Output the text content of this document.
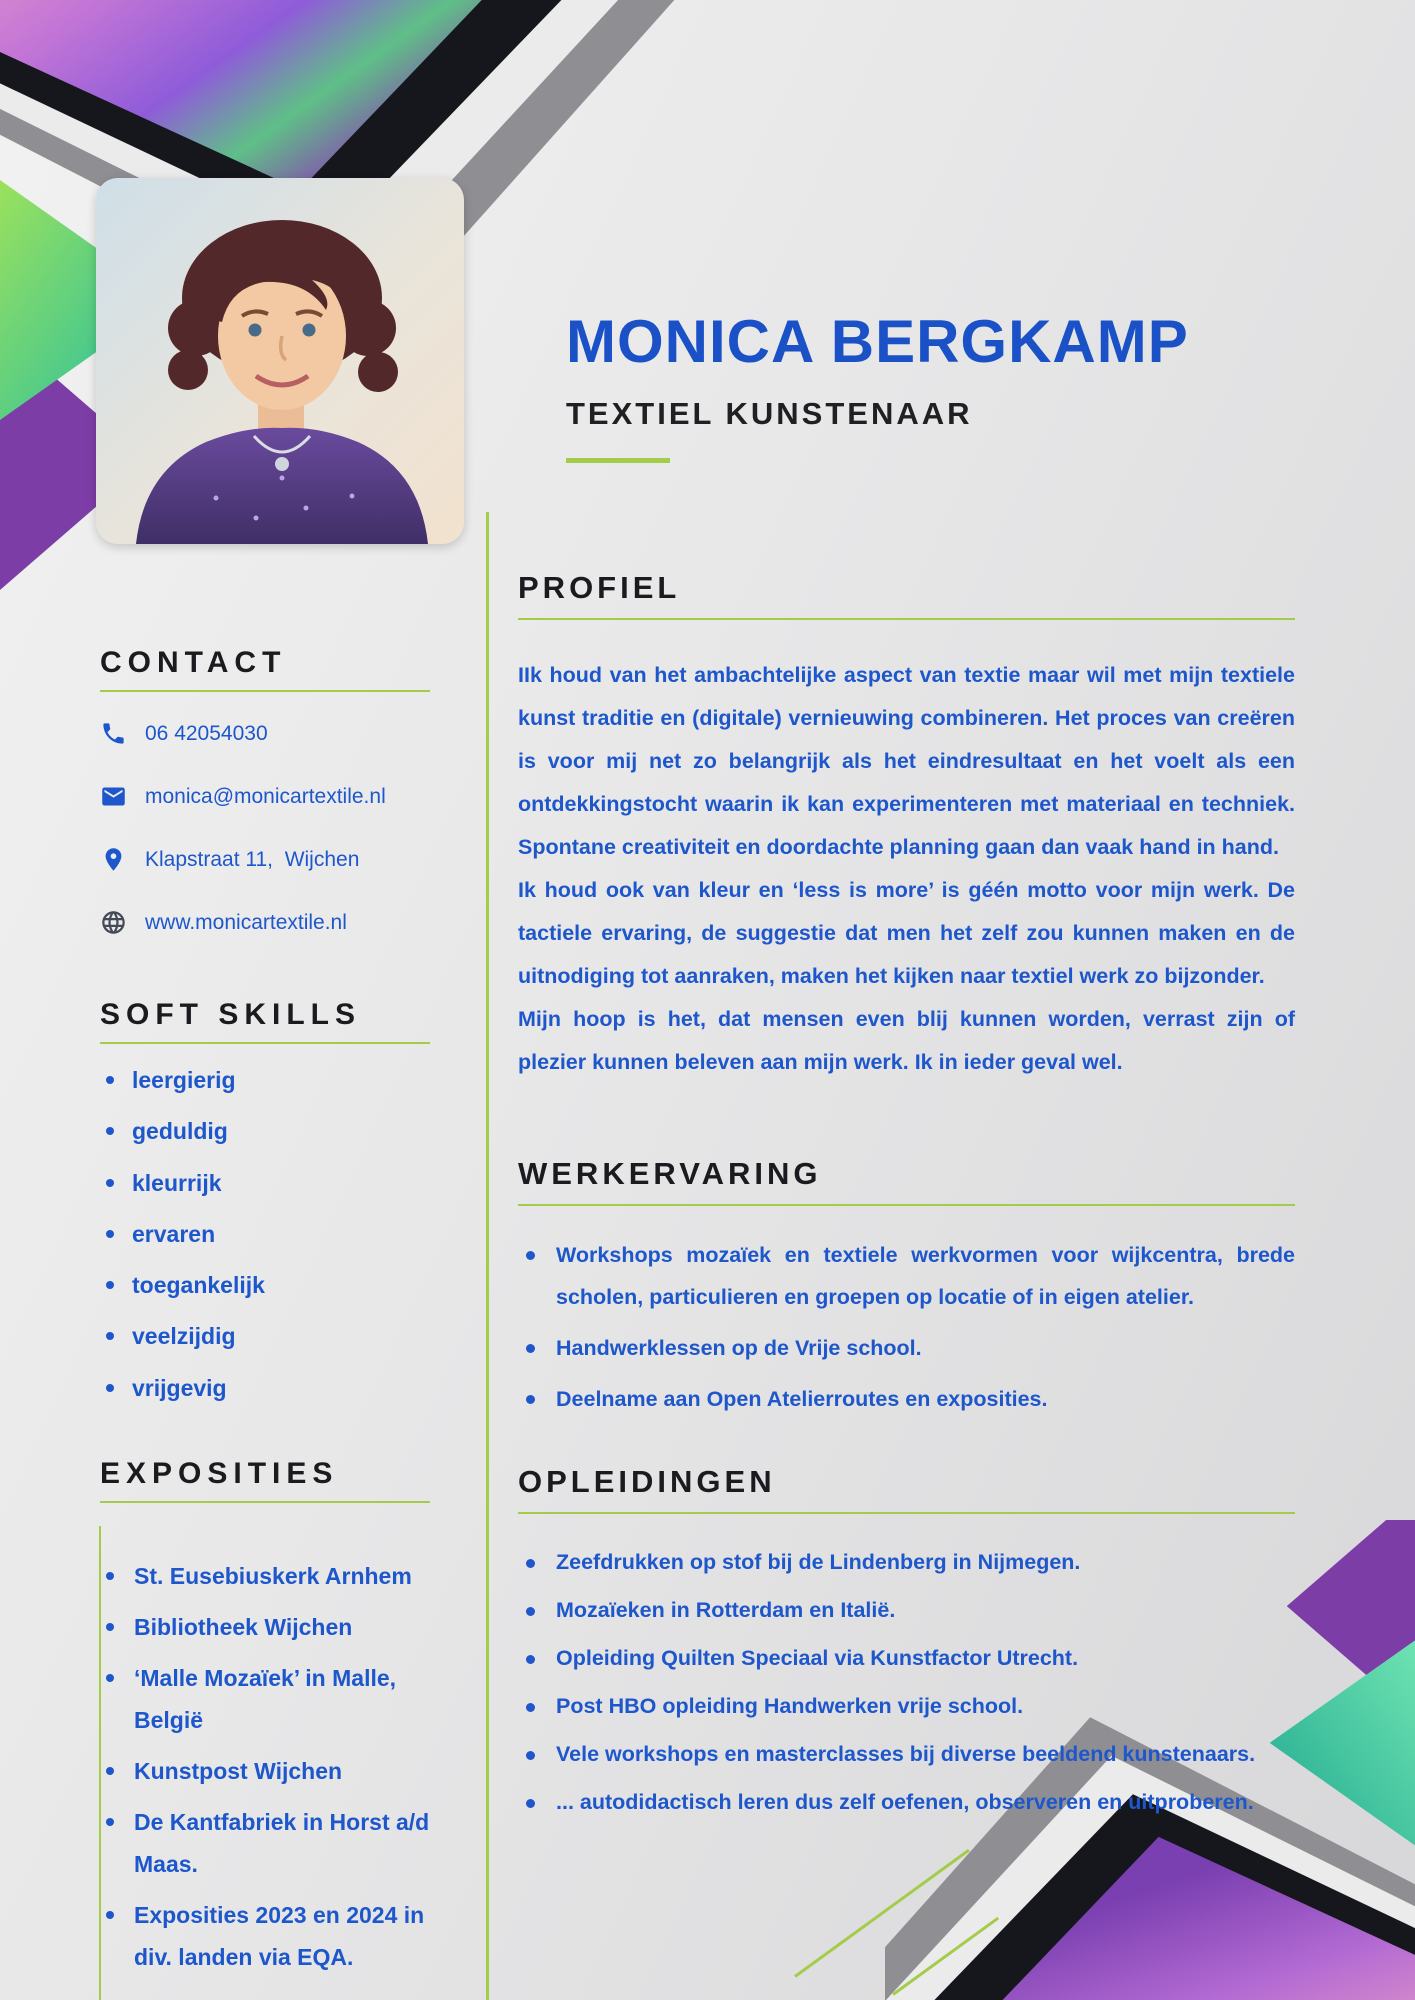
MONICA BERGKAMP
TEXTIEL KUNSTENAAR
CONTACT
06 42054030
monica@monicartextile.nl
Klapstraat 11,  Wijchen
www.monicartextile.nl
SOFT SKILLS
leergierig
geduldig
kleurrijk
ervaren
toegankelijk
veelzijdig
vrijgevig
EXPOSITIES
St. Eusebiuskerk Arnhem
Bibliotheek Wijchen
‘Malle Mozaïek’ in Malle, België
Kunstpost Wijchen
De Kantfabriek in Horst a/d Maas.
Exposities 2023 en 2024 in div. landen via EQA.
PROFIEL

IIk houd van het ambachtelijke aspect van textie maar wil met mijn textiele kunst traditie en (digitale) vernieuwing combineren. Het proces van creëren is voor mij net zo belangrijk als het eindresultaat en het voelt als een ontdekkingstocht waarin ik kan experimenteren met materiaal en techniek. Spontane creativiteit en doordachte planning gaan dan vaak hand in hand.

Ik houd ook van kleur en ‘less is more’ is géén motto voor mijn werk. De tactiele ervaring, de suggestie dat men het zelf zou kunnen maken en de uitnodiging tot aanraken, maken het kijken naar textiel werk zo bijzonder.

Mijn hoop is het, dat mensen even blij kunnen worden, verrast zijn of plezier kunnen beleven aan mijn werk. Ik in ieder geval wel.

WERKERVARING
Workshops mozaïek en textiele werkvormen voor wijkcentra, brede scholen, particulieren en groepen op locatie of in eigen atelier.
Handwerklessen op de Vrije school.
Deelname aan Open Atelierroutes en exposities.
OPLEIDINGEN
Zeefdrukken op stof bij de Lindenberg in Nijmegen.
Mozaïeken in Rotterdam en Italië.
Opleiding Quilten Speciaal via Kunstfactor Utrecht.
Post HBO opleiding Handwerken vrije school.
Vele workshops en masterclasses bij diverse beeldend kunstenaars.
... autodidactisch leren dus zelf oefenen, observeren en uitproberen.
